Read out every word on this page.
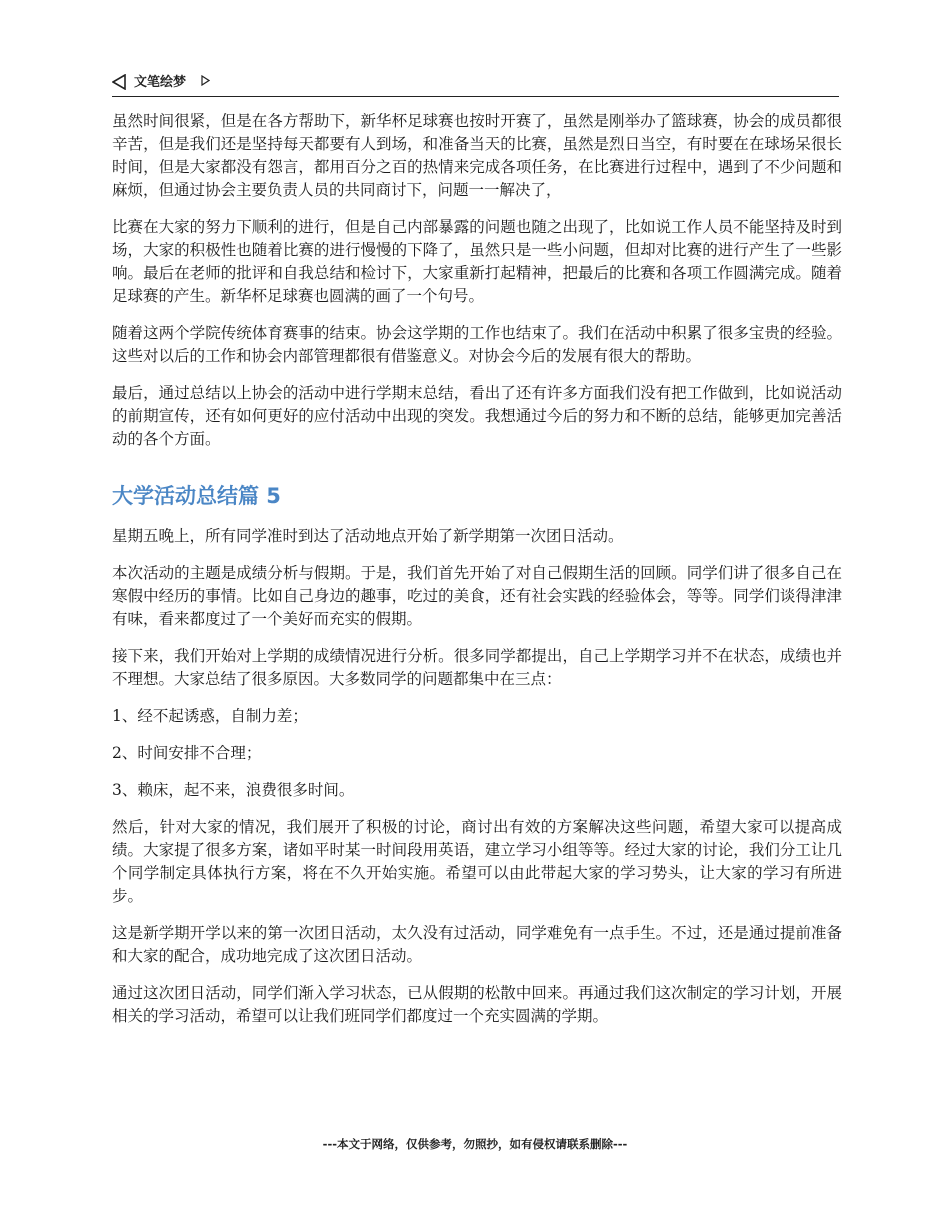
文笔绘梦

虽然时间很紧，但是在各方帮助下，新华杯足球赛也按时开赛了，虽然是刚举办了篮球赛，协会的成员都很辛苦，但是我们还是坚持每天都要有人到场，和准备当天的比赛，虽然是烈日当空，有时要在在球场呆很长时间，但是大家都没有怨言，都用百分之百的热情来完成各项任务，在比赛进行过程中，遇到了不少问题和麻烦，但通过协会主要负责人员的共同商讨下，问题一一解决了，

比赛在大家的努力下顺利的进行，但是自己内部暴露的问题也随之出现了，比如说工作人员不能坚持及时到场，大家的积极性也随着比赛的进行慢慢的下降了，虽然只是一些小问题，但却对比赛的进行产生了一些影响。最后在老师的批评和自我总结和检讨下，大家重新打起精神，把最后的比赛和各项工作圆满完成。随着足球赛的产生。新华杯足球赛也圆满的画了一个句号。

随着这两个学院传统体育赛事的结束。协会这学期的工作也结束了。我们在活动中积累了很多宝贵的经验。这些对以后的工作和协会内部管理都很有借鉴意义。对协会今后的发展有很大的帮助。

最后，通过总结以上协会的活动中进行学期末总结，看出了还有许多方面我们没有把工作做到，比如说活动的前期宣传，还有如何更好的应付活动中出现的突发。我想通过今后的努力和不断的总结，能够更加完善活动的各个方面。

大学活动总结篇 5

星期五晚上，所有同学准时到达了活动地点开始了新学期第一次团日活动。

本次活动的主题是成绩分析与假期。于是，我们首先开始了对自己假期生活的回顾。同学们讲了很多自己在寒假中经历的事情。比如自己身边的趣事，吃过的美食，还有社会实践的经验体会，等等。同学们谈得津津有味，看来都度过了一个美好而充实的假期。

接下来，我们开始对上学期的成绩情况进行分析。很多同学都提出，自己上学期学习并不在状态，成绩也并不理想。大家总结了很多原因。大多数同学的问题都集中在三点：

1、经不起诱惑，自制力差；

2、时间安排不合理；

3、赖床，起不来，浪费很多时间。

然后，针对大家的情况，我们展开了积极的讨论，商讨出有效的方案解决这些问题，希望大家可以提高成绩。大家提了很多方案，诸如平时某一时间段用英语，建立学习小组等等。经过大家的讨论，我们分工让几个同学制定具体执行方案，将在不久开始实施。希望可以由此带起大家的学习势头，让大家的学习有所进步。

这是新学期开学以来的第一次团日活动，太久没有过活动，同学难免有一点手生。不过，还是通过提前准备和大家的配合，成功地完成了这次团日活动。

通过这次团日活动，同学们渐入学习状态，已从假期的松散中回来。再通过我们这次制定的学习计划，开展相关的学习活动，希望可以让我们班同学们都度过一个充实圆满的学期。

---本文于网络，仅供参考，勿照抄，如有侵权请联系删除---
